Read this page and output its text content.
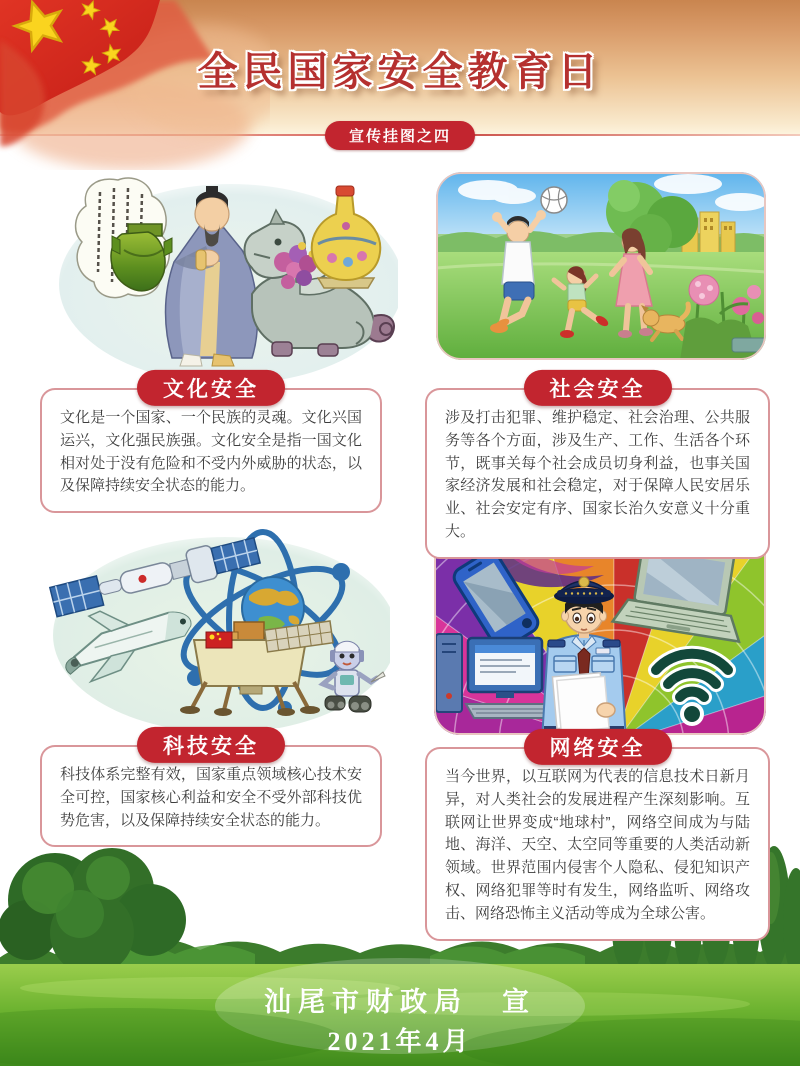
全民国家安全教育日
宣传挂图之四
汕尾市财政局　宣
2021年4月
文化安全
文化是一个国家、一个民族的灵魂。文化兴国运兴，文化强民族强。文化安全是指一国文化相对处于没有危险和不受内外威胁的状态，以及保障持续安全状态的能力。
社会安全
涉及打击犯罪、维护稳定、社会治理、公共服务等各个方面，涉及生产、工作、生活各个环节，既事关每个社会成员切身利益，也事关国家经济发展和社会稳定，对于保障人民安居乐业、社会安定有序、国家长治久安意义十分重大。
科技安全
科技体系完整有效，国家重点领域核心技术安全可控，国家核心利益和安全不受外部科技优势危害，以及保障持续安全状态的能力。
网络安全
当今世界，以互联网为代表的信息技术日新月异，对人类社会的发展进程产生深刻影响。互联网让世界变成“地球村”，网络空间成为与陆地、海洋、天空、太空同等重要的人类活动新领域。世界范围内侵害个人隐私、侵犯知识产权、网络犯罪等时有发生，网络监听、网络攻击、网络恐怖主义活动等成为全球公害。
